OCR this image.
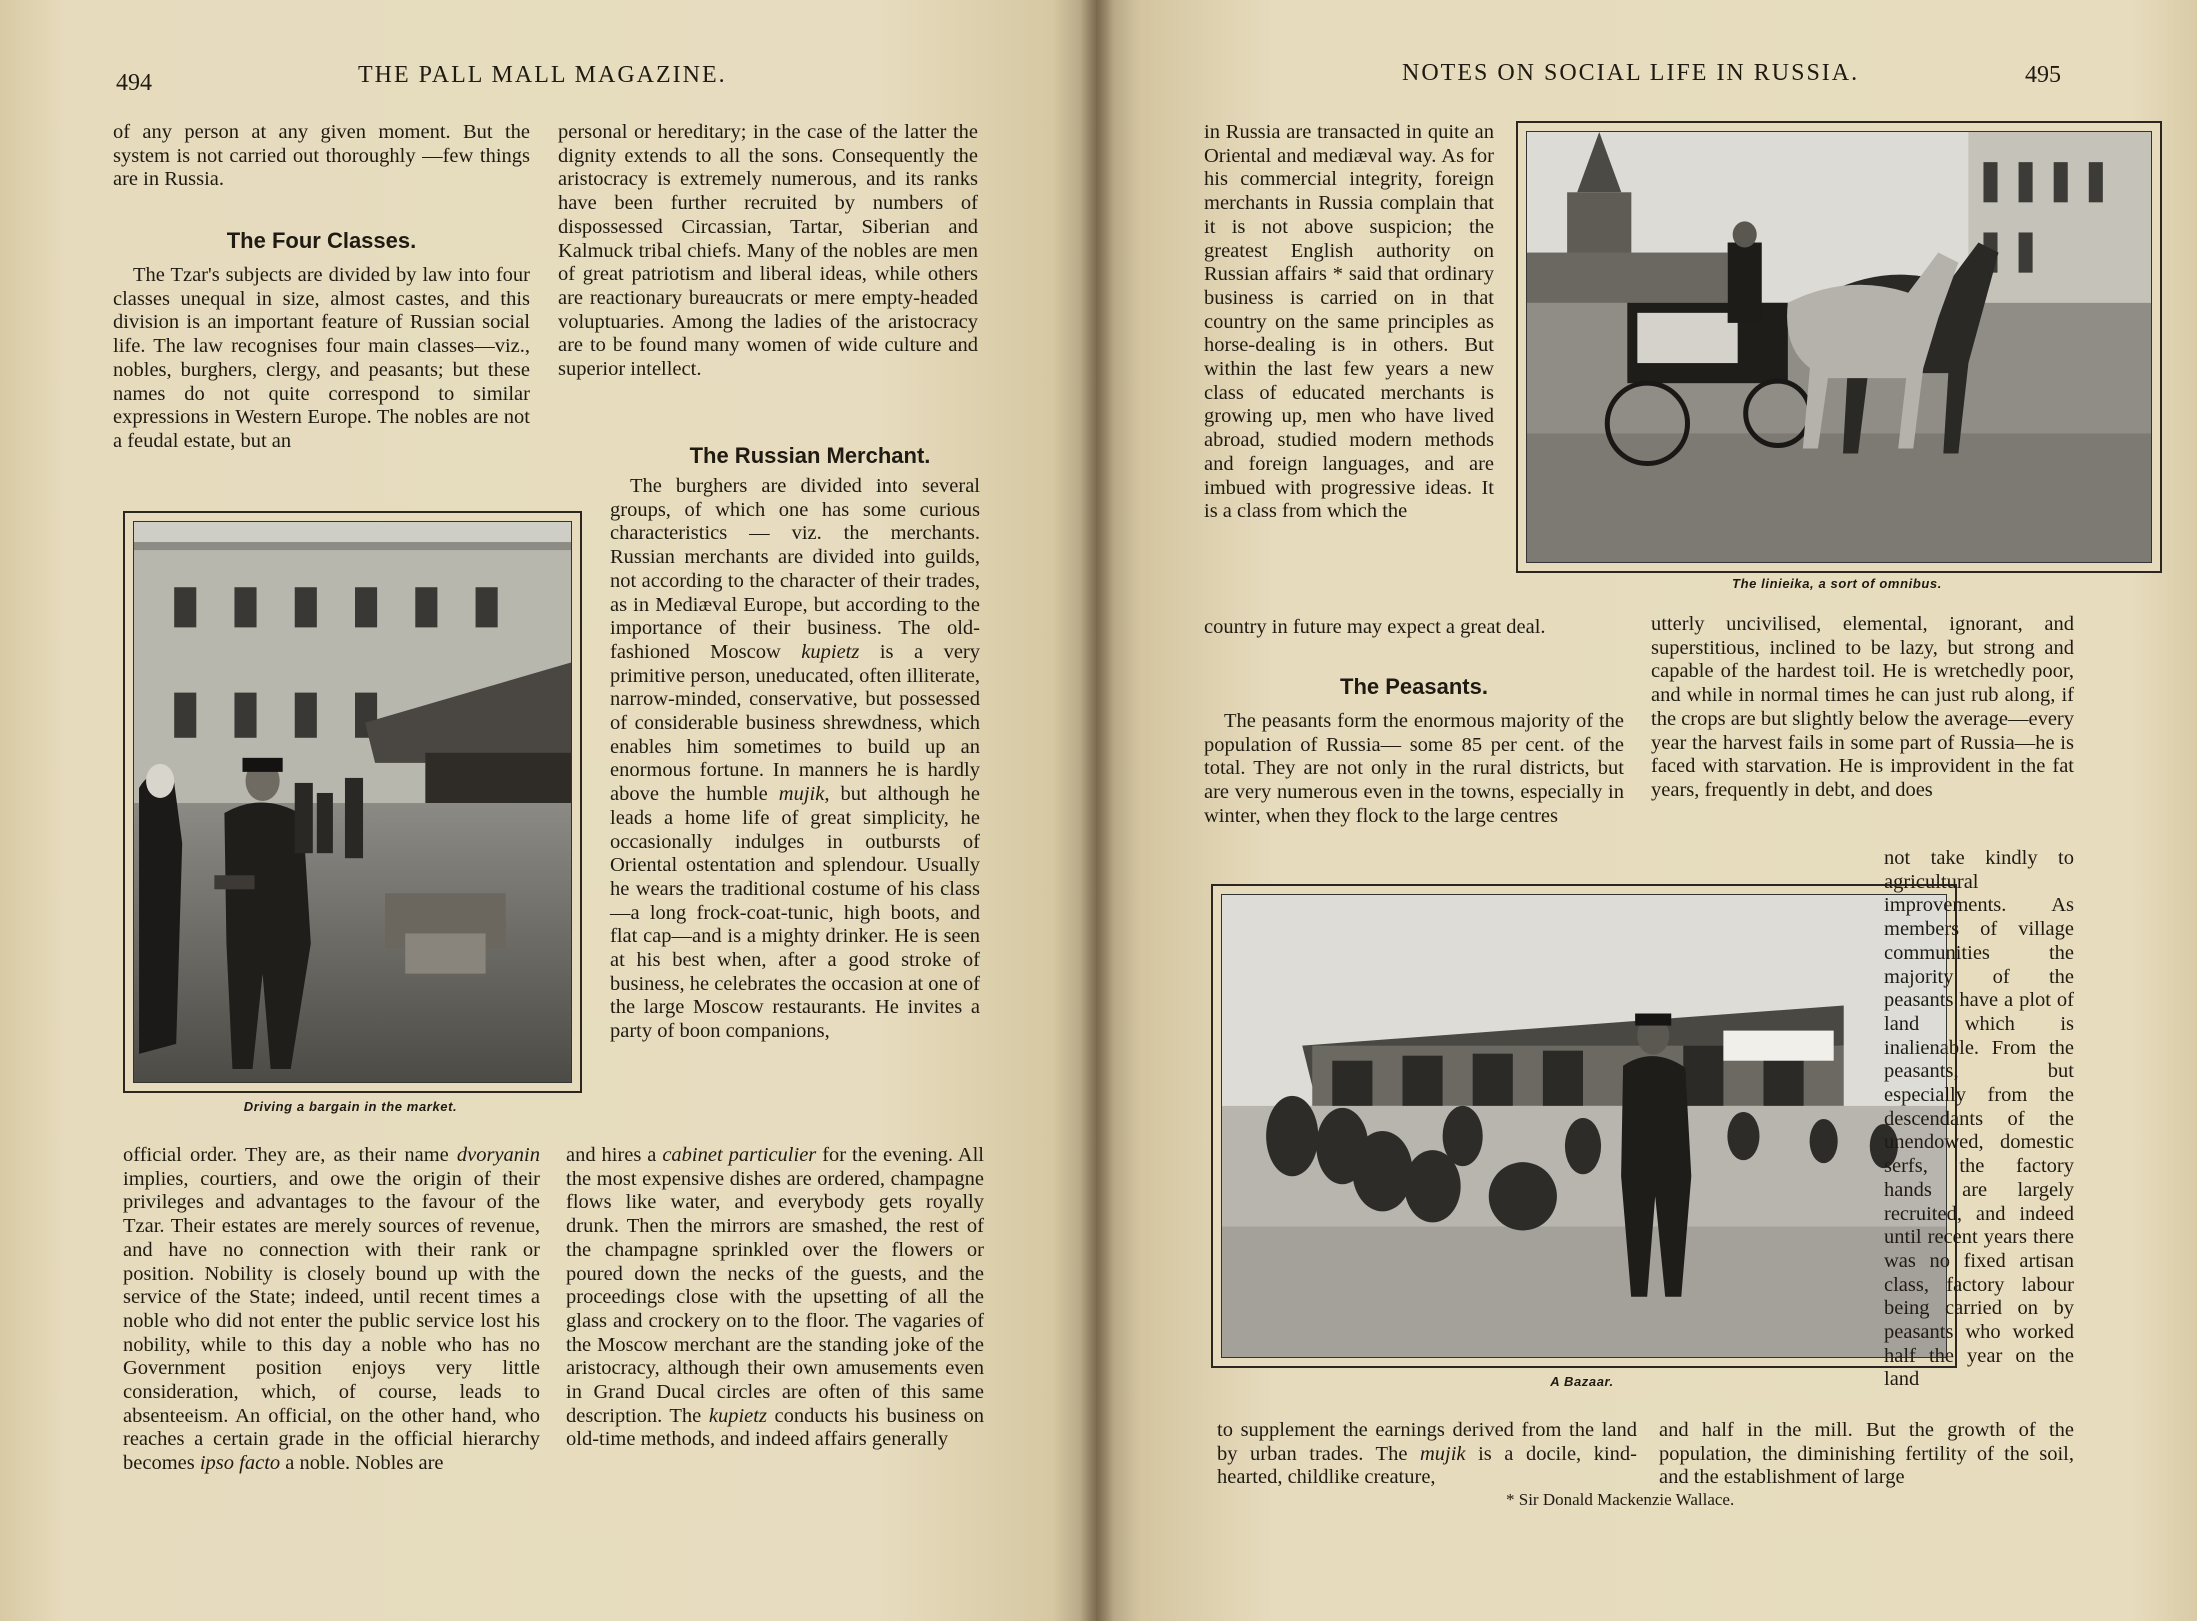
494	THE PALL MALL MAGAZINE.

of any person at any given moment. But the system is not carried out thoroughly —few things are in Russia.

The Four Classes.

The Tzar's subjects are divided by law into four classes unequal in size, almost castes, and this division is an important feature of Russian social life. The law recognises four main classes—viz., nobles, burghers, clergy, and peasants; but these names do not quite correspond to similar expressions in Western Europe. The nobles are not a feudal estate, but an

Driving a bargain in the market.

official order. They are, as their name dvoryanin implies, courtiers, and owe the origin of their privileges and advantages to the favour of the Tzar. Their estates are merely sources of revenue, and have no connection with their rank or position. Nobility is closely bound up with the service of the State; indeed, until recent times a noble who did not enter the public service lost his nobility, while to this day a noble who has no Government position enjoys very little consideration, which, of course, leads to absenteeism. An official, on the other hand, who reaches a certain grade in the official hierarchy becomes ipso facto a noble. Nobles are

personal or hereditary; in the case of the latter the dignity extends to all the sons. Consequently the aristocracy is extremely numerous, and its ranks have been further recruited by numbers of dispossessed Circassian, Tartar, Siberian and Kalmuck tribal chiefs. Many of the nobles are men of great patriotism and liberal ideas, while others are reactionary bureaucrats or mere empty-headed voluptuaries. Among the ladies of the aristocracy are to be found many women of wide culture and superior intellect.

The Russian Merchant.

The burghers are divided into several groups, of which one has some curious characteristics — viz. the merchants. Russian merchants are divided into guilds, not according to the character of their trades, as in Mediæval Europe, but according to the importance of their business. The old-fashioned Moscow kupietz is a very primitive person, uneducated, often illiterate, narrow-minded, conservative, but possessed of considerable business shrewdness, which enables him sometimes to build up an enormous fortune. In manners he is hardly above the humble mujik, but although he leads a home life of great simplicity, he occasionally indulges in outbursts of Oriental ostentation and splendour. Usually he wears the traditional costume of his class—a long frock-coat-tunic, high boots, and flat cap—and is a mighty drinker. He is seen at his best when, after a good stroke of business, he celebrates the occasion at one of the large Moscow restaurants. He invites a party of boon companions,

and hires a cabinet particulier for the evening. All the most expensive dishes are ordered, champagne flows like water, and everybody gets royally drunk. Then the mirrors are smashed, the rest of the champagne sprinkled over the flowers or poured down the necks of the guests, and the proceedings close with the upsetting of all the glass and crockery on to the floor. The vagaries of the Moscow merchant are the standing joke of the aristocracy, although their own amusements even in Grand Ducal circles are often of this same description. The kupietz conducts his business on old-time methods, and indeed affairs generally

NOTES ON SOCIAL LIFE IN RUSSIA.	495
The linieika, a sort of omnibus.

in Russia are transacted in quite an Oriental and mediæval way. As for his commercial integrity, foreign merchants in Russia complain that it is not above suspicion; the greatest English authority on Russian affairs * said that ordinary business is carried on in that country on the same principles as horse-dealing is in others. But within the last few years a new class of educated merchants is growing up, men who have lived abroad, studied modern methods and foreign languages, and are imbued with progressive ideas. It is a class from which the

country in future may expect a great deal.

The Peasants.

The peasants form the enormous majority of the population of Russia— some 85 per cent. of the total. They are not only in the rural districts, but are very numerous even in the towns, especially in winter, when they flock to the large centres

utterly uncivilised, elemental, ignorant, and superstitious, inclined to be lazy, but strong and capable of the hardest toil. He is wretchedly poor, and while in normal times he can just rub along, if the crops are but slightly below the average—every year the harvest fails in some part of Russia—he is faced with starvation. He is improvident in the fat years, frequently in debt, and does

A Bazaar.

not take kindly to agricultural improvements. As members of village communities the majority of the peasants have a plot of land which is inalienable. From the peasants, but especially from the descendants of the unendowed, domestic serfs, the factory hands are largely recruited, and indeed until recent years there was no fixed artisan class, factory labour being carried on by peasants who worked half the year on the land

to supplement the earnings derived from the land by urban trades. The mujik is a docile, kind-hearted, childlike creature,

and half in the mill. But the growth of the population, the diminishing fertility of the soil, and the establishment of large

* Sir Donald Mackenzie Wallace.
